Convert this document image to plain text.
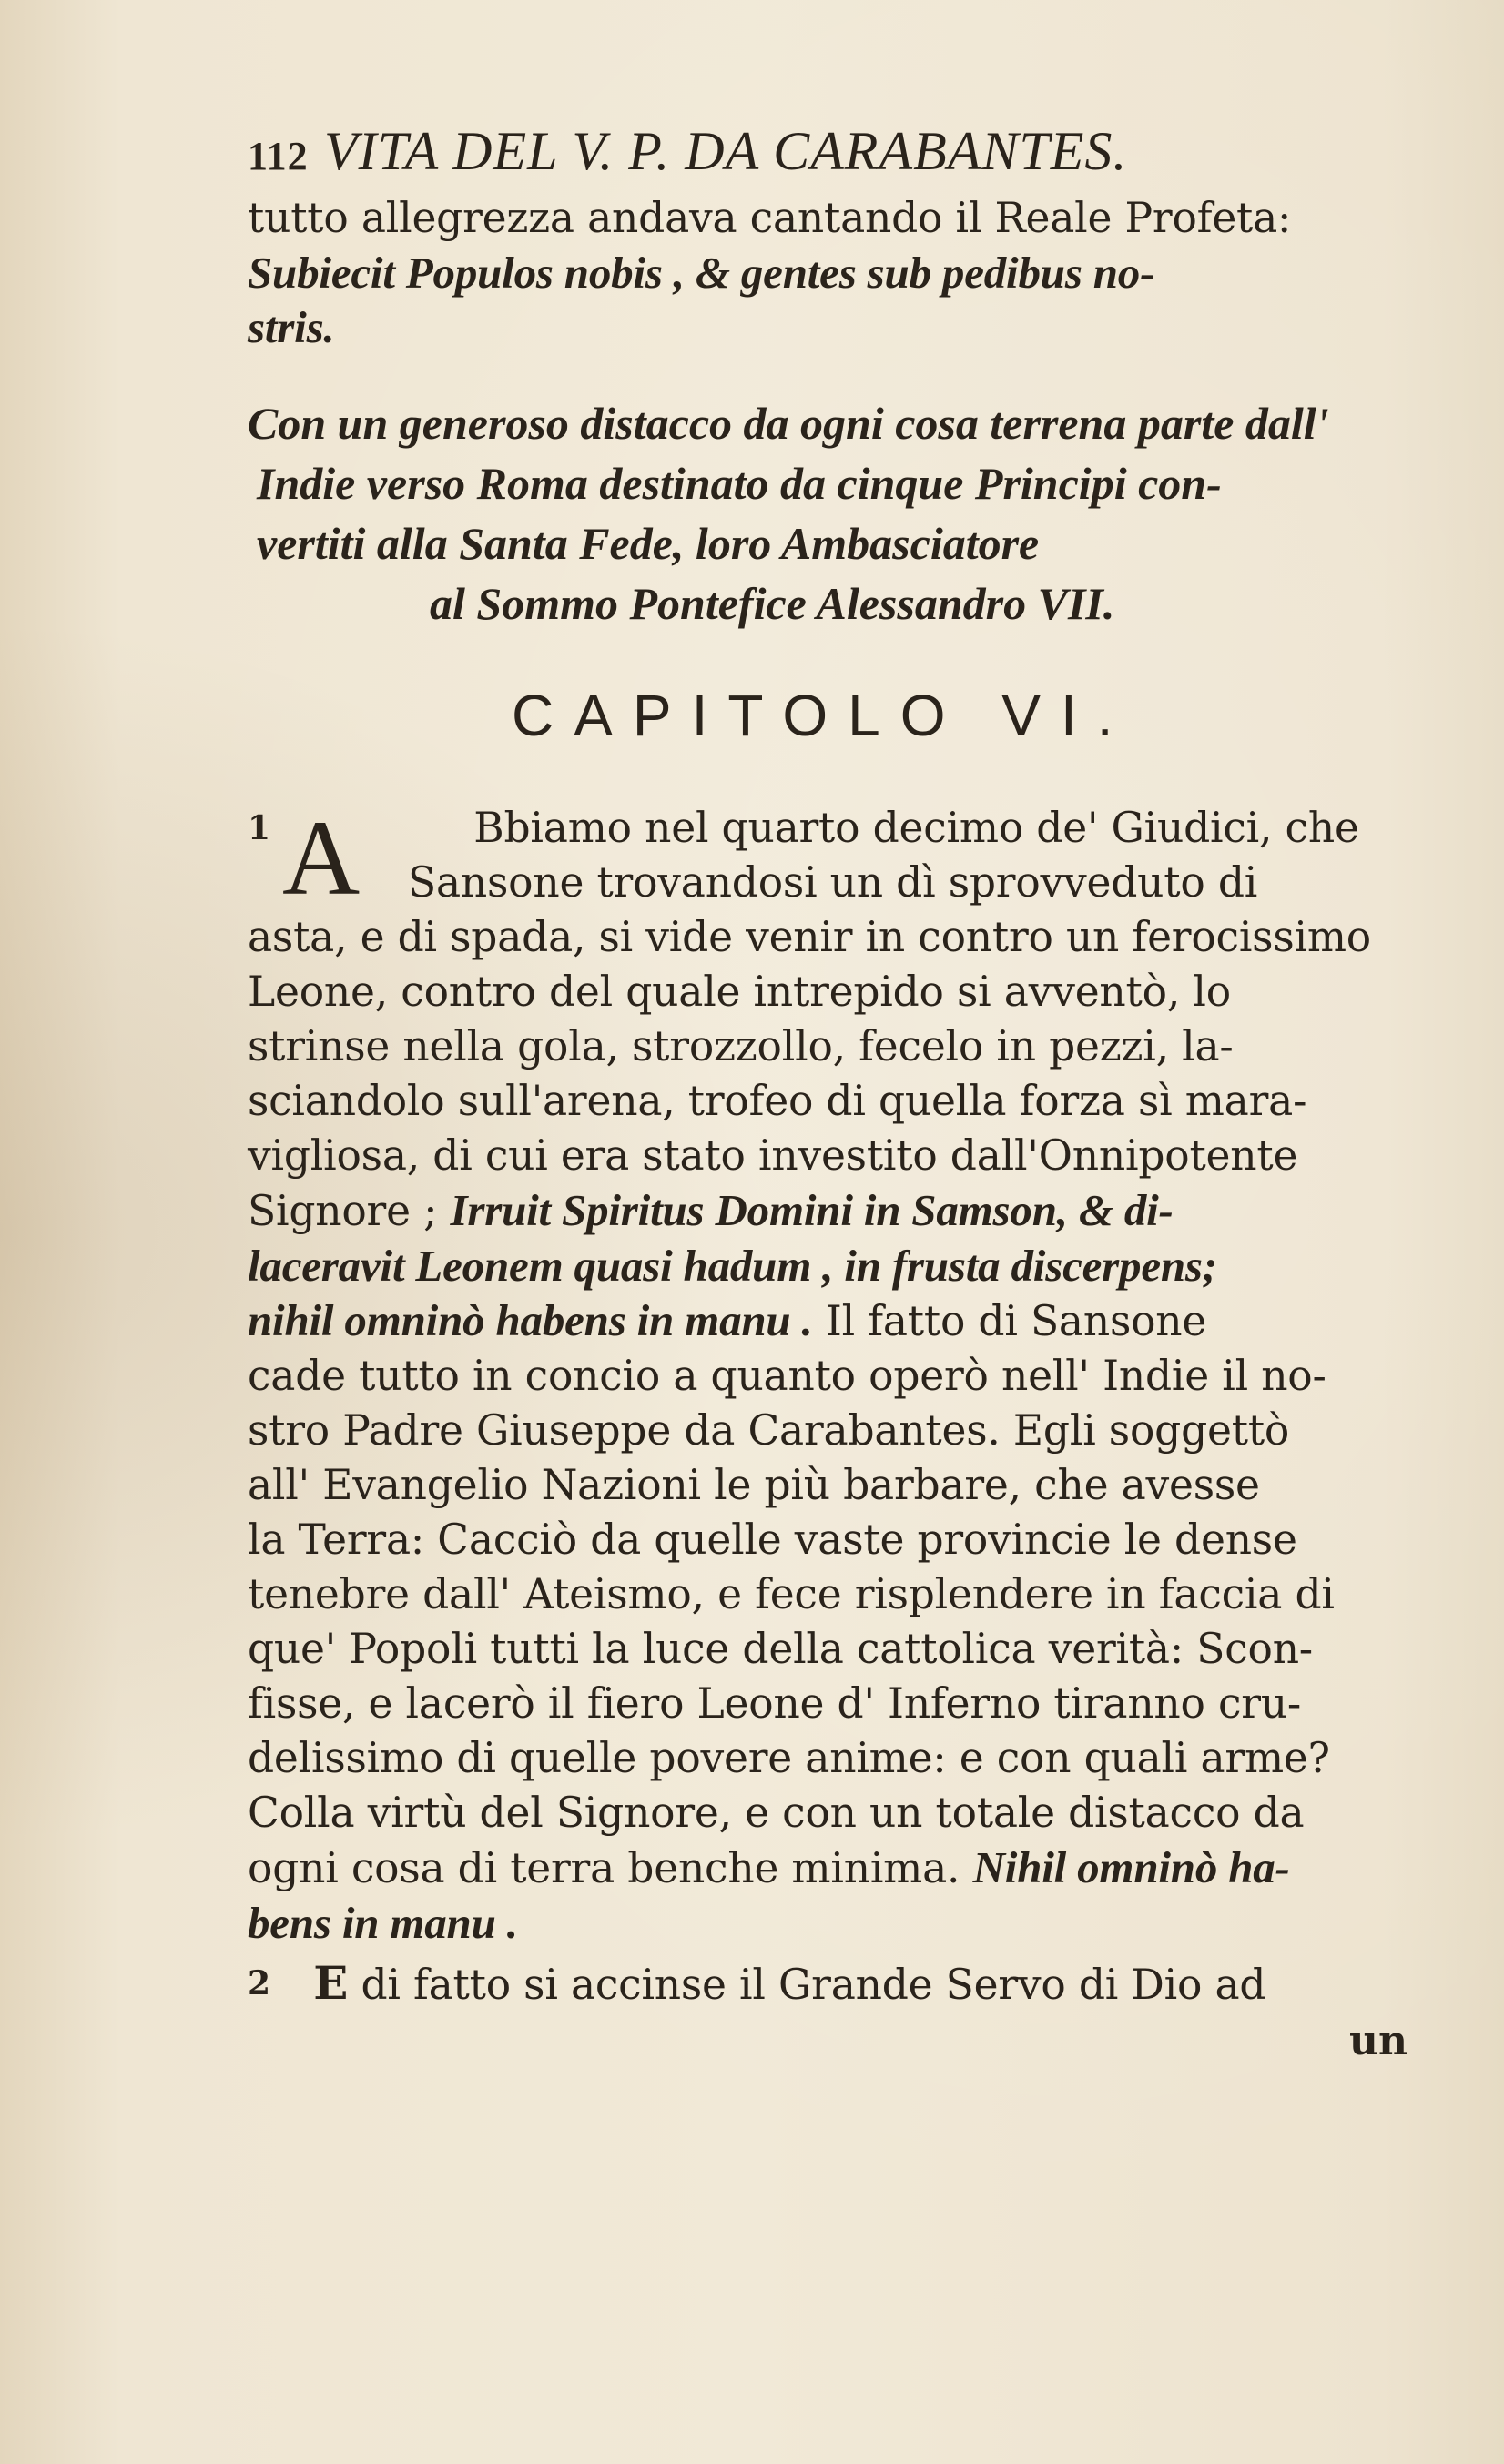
112 VITA DEL V. P. DA CARABANTES.
tutto allegrezza andava cantando il Reale Profeta:
Subiecit Populos nobis , & gentes sub pedibus no-
stris.
Con un generoso distacco da ogni cosa terrena parte dall'
Indie verso Roma destinato da cinque Principi con-
vertiti alla Santa Fede, loro Ambasciatore
al Sommo Pontefice Alessandro VII.
CAPITOLO VI.
1 A	Bbiamo nel quarto decimo de' Giudici, che
Sansone trovandosi un dì sprovveduto di
asta, e di spada, si vide venir in contro un ferocissimo
Leone, contro del quale intrepido si avventò, lo
strinse nella gola, strozzollo, fecelo in pezzi, la-
sciandolo sull'arena, trofeo di quella forza sì mara-
vigliosa, di cui era stato investito dall'Onnipotente
Signore ; Irruit Spiritus Domini in Samson, & di-
laceravit Leonem quasi hadum , in frusta discerpens;
nihil omninò habens in manu . Il fatto di Sansone
cade tutto in concio a quanto operò nell' Indie il no-
stro Padre Giuseppe da Carabantes. Egli soggettò
all' Evangelio Nazioni le più barbare, che avesse
la Terra: Cacciò da quelle vaste provincie le dense
tenebre dall' Ateismo, e fece risplendere in faccia di
que' Popoli tutti la luce della cattolica verità: Scon-
fisse, e lacerò il fiero Leone d' Inferno tiranno cru-
delissimo di quelle povere anime: e con quali arme?
Colla virtù del Signore, e con un totale distacco da
ogni cosa di terra benche minima. Nihil omninò ha-
bens in manu .
2 E di fatto si accinse il Grande Servo di Dio ad
un
